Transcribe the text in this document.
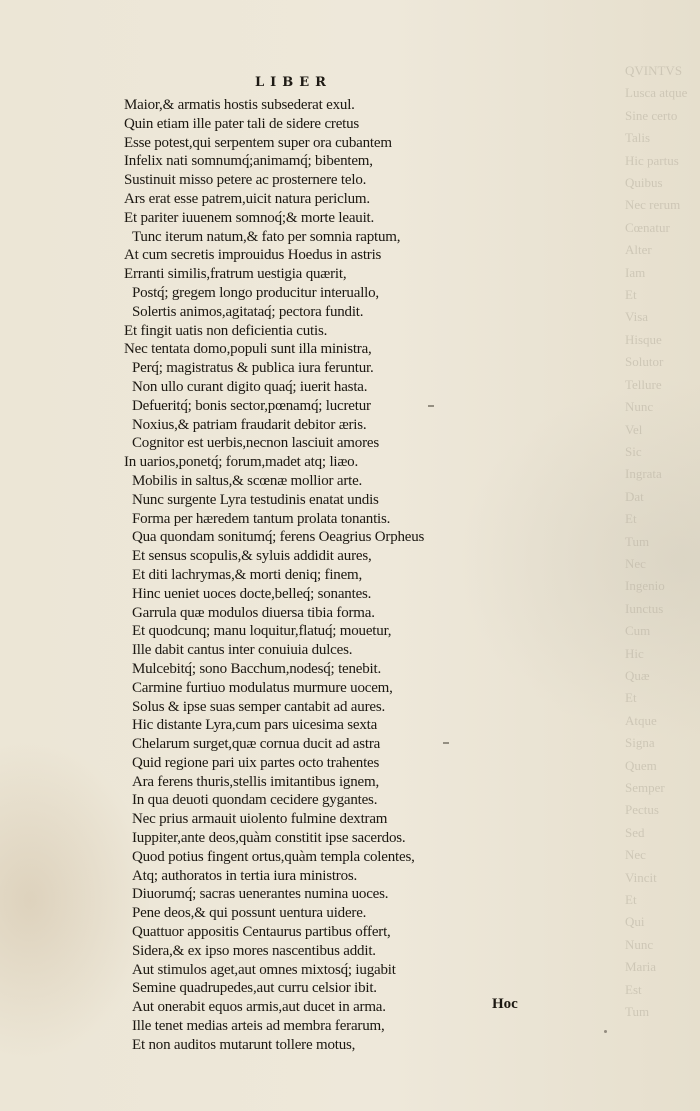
QVINTVS
Lusca atque
Sine certo
Talis
Hic partus
Quibus
Nec rerum
Cœnatur
Alter
Iam
Et
Visa
Hisque
Solutor
Tellure
Nunc
Vel
Sic
Ingrata
Dat
Et
Tum
Nec
Ingenio
Iunctus
Cum
Hic
Quæ
Et
Atque
Signa
Quem
Semper
Pectus
Sed
Nec
Vincit
Et
Qui
Nunc
Maria
Est
Tum
LIBER
Maior,& armatis hostis subsederat exul.
Quin etiam ille pater tali de sidere cretus
Esse potest,qui serpentem super ora cubantem
Infelix nati somnumq́;animamq́; bibentem,
Sustinuit misso petere ac prosternere telo.
Ars erat esse patrem,uicit natura periclum.
Et pariter iuuenem somnoq́;& morte leauit.
Tunc iterum natum,& fato per somnia raptum,
At cum secretis improuidus Hoedus in astris
Erranti similis,fratrum uestigia quærit,
Postq́; gregem longo producitur interuallo,
Solertis animos,agitataq́; pectora fundit.
Et fingit uatis non deficientia cutis.
Nec tentata domo,populi sunt illa ministra,
Perq́; magistratus & publica iura feruntur.
Non ullo curant digito quaq́; iuerit hasta.
Defueritq́; bonis sector,pœnamq́; lucretur
Noxius,& patriam fraudarit debitor æris.
Cognitor est uerbis,necnon lasciuit amores
In uarios,ponetq́; forum,madet atq; liæo.
Mobilis in saltus,& scœnæ mollior arte.
Nunc surgente Lyra testudinis enatat undis
Forma per hæredem tantum prolata tonantis.
Qua quondam sonitumq́; ferens Oeagrius Orpheus
Et sensus scopulis,& syluis addidit aures,
Et diti lachrymas,& morti deniq; finem,
Hinc ueniet uoces docte,belleq́; sonantes.
Garrula quæ modulos diuersa tibia forma.
Et quodcunq; manu loquitur,flatuq́; mouetur,
Ille dabit cantus inter conuiuia dulces.
Mulcebitq́; sono Bacchum,nodesq́; tenebit.
Carmine furtiuo modulatus murmure uocem,
Solus & ipse suas semper cantabit ad aures.
Hic distante Lyra,cum pars uicesima sexta
Chelarum surget,quæ cornua ducit ad astra
Quid regione pari uix partes octo trahentes
Ara ferens thuris,stellis imitantibus ignem,
In qua deuoti quondam cecidere gygantes.
Nec prius armauit uiolento fulmine dextram
Iuppiter,ante deos,quàm constitit ipse sacerdos.
Quod potius fingent ortus,quàm templa colentes,
Atq; authoratos in tertia iura ministros.
Diuorumq́; sacras uenerantes numina uoces.
Pene deos,& qui possunt uentura uidere.
Quattuor appositis Centaurus partibus offert,
Sidera,& ex ipso mores nascentibus addit.
Aut stimulos aget,aut omnes mixtosq́; iugabit
Semine quadrupedes,aut curru celsior ibit.
Aut onerabit equos armis,aut ducet in arma.
Ille tenet medias arteis ad membra ferarum,
Et non auditos mutarunt tollere motus,
Hoc
